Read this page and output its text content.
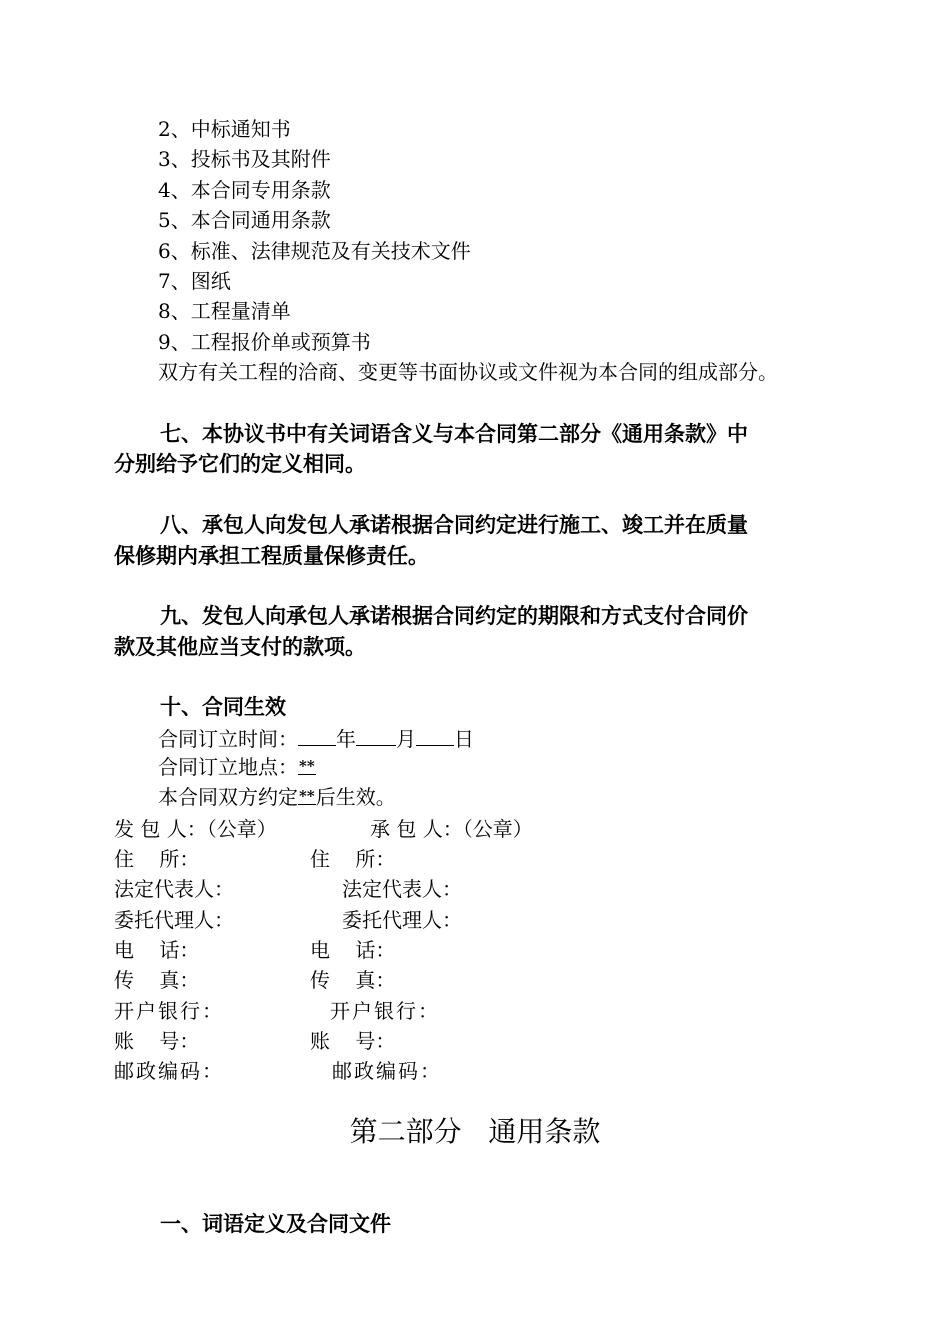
2、中标通知书
3、投标书及其附件
4、本合同专用条款
5、本合同通用条款
6、标准、法律规范及有关技术文件
7、图纸
8、工程量清单
9、工程报价单或预算书
双方有关工程的洽商、变更等书面协议或文件视为本合同的组成部分。
七、本协议书中有关词语含义与本合同第二部分《通用条款》中
分别给予它们的定义相同。
八、承包人向发包人承诺根据合同约定进行施工、竣工并在质量
保修期内承担工程质量保修责任。
九、发包人向承包人承诺根据合同约定的期限和方式支付合同价
款及其他应当支付的款项。
十、合同生效
合同订立时间： 年 月 日
合同订立地点：**
本合同双方约定**后生效。
发 包 人：（公章）
住    所：
法定代表人：
委托代理人：
电    话：
传    真：
开户银行：
账    号：
邮政编码：
承 包 人：（公章）
住    所：
法定代表人：
委托代理人：
电    话：
传    真：
开户银行：
账    号：
邮政编码：
第二部分   通用条款
一、词语定义及合同文件
